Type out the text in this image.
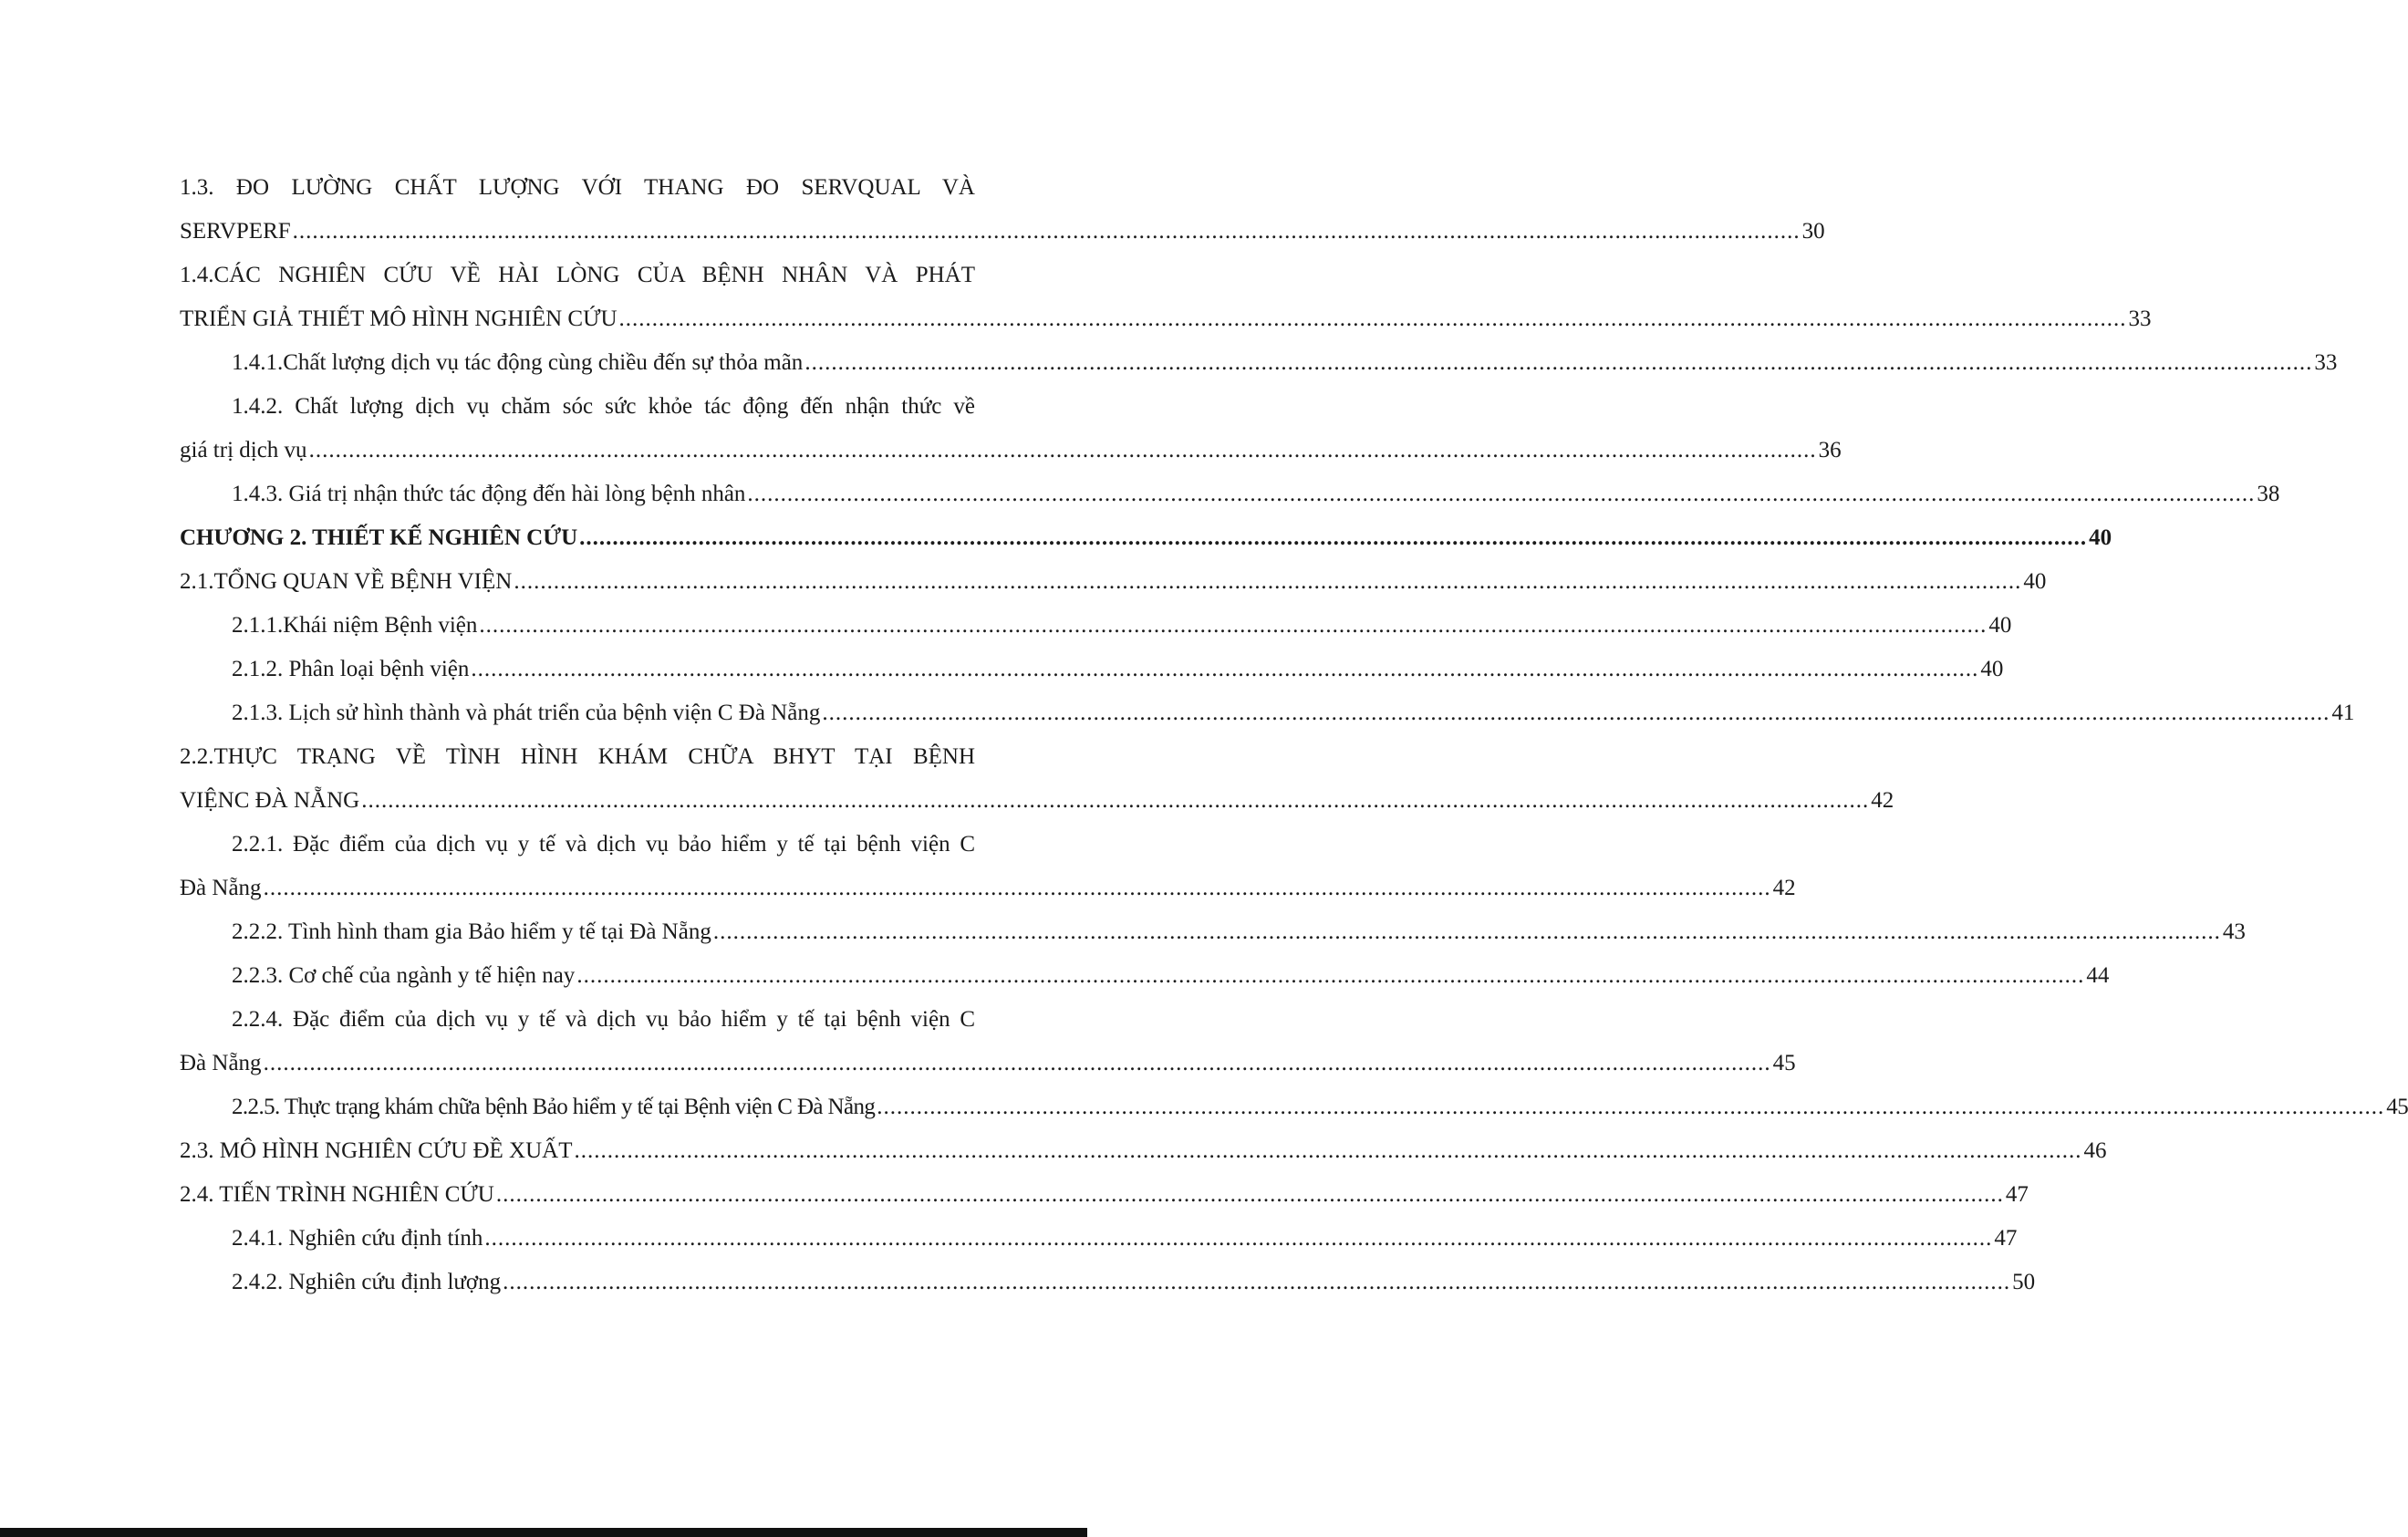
1.3. ĐO LƯỜNG CHẤT LƯỢNG VỚI THANG ĐO SERVQUAL VÀ
SERVPERF .....	30
1.4.CÁC NGHIÊN CỨU VỀ HÀI LÒNG CỦA BỆNH NHÂN VÀ PHÁT
TRIỂN GIẢ THIẾT MÔ HÌNH NGHIÊN CỨU .....	33
1.4.1.Chất lượng dịch vụ tác động cùng chiều đến sự thỏa mãn .....	33
1.4.2. Chất lượng dịch vụ chăm sóc sức khỏe tác động đến nhận thức về
giá trị dịch vụ .....	36
1.4.3. Giá trị nhận thức tác động đến hài lòng bệnh nhân .....	38
CHƯƠNG 2. THIẾT KẾ NGHIÊN CỨU .....	40
2.1.TỔNG QUAN VỀ BỆNH VIỆN .....	40
2.1.1.Khái niệm Bệnh viện .....	40
2.1.2. Phân loại bệnh viện .....	40
2.1.3. Lịch sử hình thành và phát triển của bệnh viện C Đà Nẵng .....	41
2.2.THỰC TRẠNG VỀ TÌNH HÌNH KHÁM CHỮA BHYT TẠI BỆNH
VIỆNC ĐÀ NẴNG .....	42
2.2.1. Đặc điểm của dịch vụ y tế và dịch vụ bảo hiểm y tế tại bệnh viện C
Đà Nẵng .....	42
2.2.2. Tình hình tham gia Bảo hiểm y tế tại Đà Nẵng .....	43
2.2.3. Cơ chế của ngành y tế hiện nay .....	44
2.2.4. Đặc điểm của dịch vụ y tế và dịch vụ bảo hiểm y tế tại bệnh viện C
Đà Nẵng .....	45
2.2.5. Thực trạng khám chữa bệnh Bảo hiểm y tế tại Bệnh viện C Đà Nẵng .....	45
2.3. MÔ HÌNH NGHIÊN CỨU ĐỀ XUẤT .....	46
2.4. TIẾN TRÌNH NGHIÊN CỨU .....	47
2.4.1. Nghiên cứu định tính .....	47
2.4.2. Nghiên cứu định lượng .....	50
